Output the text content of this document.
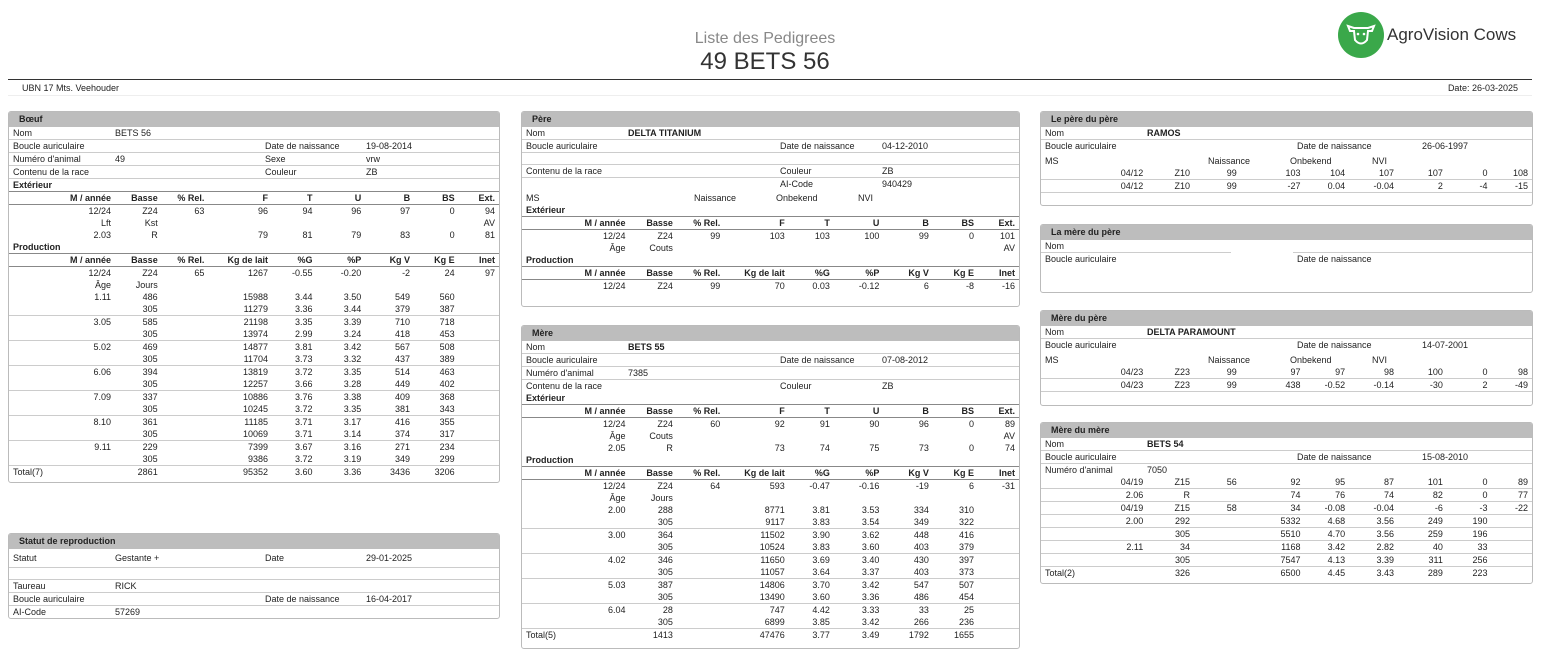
Liste des Pedigrees
49 BETS 56
AgroVision Cows
UBN 17 Mts. Veehouder	Date: 26-03-2025
Bœuf
Nom	BETS 56		
Boucle auriculaire		Date de naissance	19-08-2014
Numéro d'animal	49	Sexe	vrw
Contenu de la race		Couleur	ZB
Extérieur
M / année	Basse	% Rel.	F	T	U	B	BS	Ext.
12/24	Z24	63	96	94	96	97	0	94
Lft	Kst							AV
2.03	R		79	81	79	83	0	81
Production
M / année	Basse	% Rel.	Kg de lait	%G	%P	Kg V	Kg E	Inet
12/24	Z24	65	1267	-0.55	-0.20	-2	24	97
Âge	Jours							
1.11	486		15988	3.44	3.50	549	560	
	305		11279	3.36	3.44	379	387	
3.05	585		21198	3.35	3.39	710	718	
	305		13974	2.99	3.24	418	453	
5.02	469		14877	3.81	3.42	567	508	
	305		11704	3.73	3.32	437	389	
6.06	394		13819	3.72	3.35	514	463	
	305		12257	3.66	3.28	449	402	
7.09	337		10886	3.76	3.38	409	368	
	305		10245	3.72	3.35	381	343	
8.10	361		11185	3.71	3.17	416	355	
	305		10069	3.71	3.14	374	317	
9.11	229		7399	3.67	3.16	271	234	
	305		9386	3.72	3.19	349	299	
Total(7)	2861		95352	3.60	3.36	3436	3206	
Statut de reproduction
Statut	Gestante +	Date	29-01-2025

Taureau	RICK		
Boucle auriculaire		Date de naissance	16-04-2017
AI-Code	57269		
Père
Nom	DELTA TITANIUM		
Boucle auriculaire		Date de naissance	04-12-2010

Contenu de la race		Couleur	ZB
		AI-Code	940429
MS	Naissance	Onbekend	NVI
Extérieur
M / année	Basse	% Rel.	F	T	U	B	BS	Ext.
12/24	Z24	99	103	103	100	99	0	101
Âge	Couts							AV
Production
M / année	Basse	% Rel.	Kg de lait	%G	%P	Kg V	Kg E	Inet
12/24	Z24	99	70	0.03	-0.12	6	-8	-16
Mère
Nom	BETS 55			
Boucle auriculaire			Date de naissance	07-08-2012
Numéro d'animal	7385			
Contenu de la race			Couleur	ZB
Extérieur
M / année	Basse	% Rel.	F	T	U	B	BS	Ext.
12/24	Z24	60	92	91	90	96	0	89
Âge	Couts							AV
2.05	R		73	74	75	73	0	74
Production
M / année	Basse	% Rel.	Kg de lait	%G	%P	Kg V	Kg E	Inet
12/24	Z24	64	593	-0.47	-0.16	-19	6	-31
Âge	Jours							
2.00	288		8771	3.81	3.53	334	310	
	305		9117	3.83	3.54	349	322	
3.00	364		11502	3.90	3.62	448	416	
	305		10524	3.83	3.60	403	379	
4.02	346		11650	3.69	3.40	430	397	
	305		11057	3.64	3.37	403	373	
5.03	387		14806	3.70	3.42	547	507	
	305		13490	3.60	3.36	486	454	
6.04	28		747	4.42	3.33	33	25	
	305		6899	3.85	3.42	266	236	
Total(5)	1413		47476	3.77	3.49	1792	1655	
Le père du père
Nom	RAMOS		
Boucle auriculaire		Date de naissance	26-06-1997
MS	Naissance	Onbekend	NVI
04/12	Z10	99	103	104	107	107	0	108
04/12	Z10	99	-27	0.04	-0.04	2	-4	-15
La mère du père
Nom				
Boucle auriculaire			Date de naissance	
Mère du père
Nom	DELTA PARAMOUNT		
Boucle auriculaire		Date de naissance	14-07-2001
MS	Naissance	Onbekend	NVI
04/23	Z23	99	97	97	98	100	0	98
04/23	Z23	99	438	-0.52	-0.14	-30	2	-49
Mère du mère
Nom	BETS 54		
Boucle auriculaire		Date de naissance	15-08-2010
Numéro d'animal	7050		
04/19	Z15	56	92	95	87	101	0	89
2.06	R		74	76	74	82	0	77
04/19	Z15	58	34	-0.08	-0.04	-6	-3	-22
2.00	292		5332	4.68	3.56	249	190	
	305		5510	4.70	3.56	259	196	
2.11	34		1168	3.42	2.82	40	33	
	305		7547	4.13	3.39	311	256	
Total(2)	326		6500	4.45	3.43	289	223	
